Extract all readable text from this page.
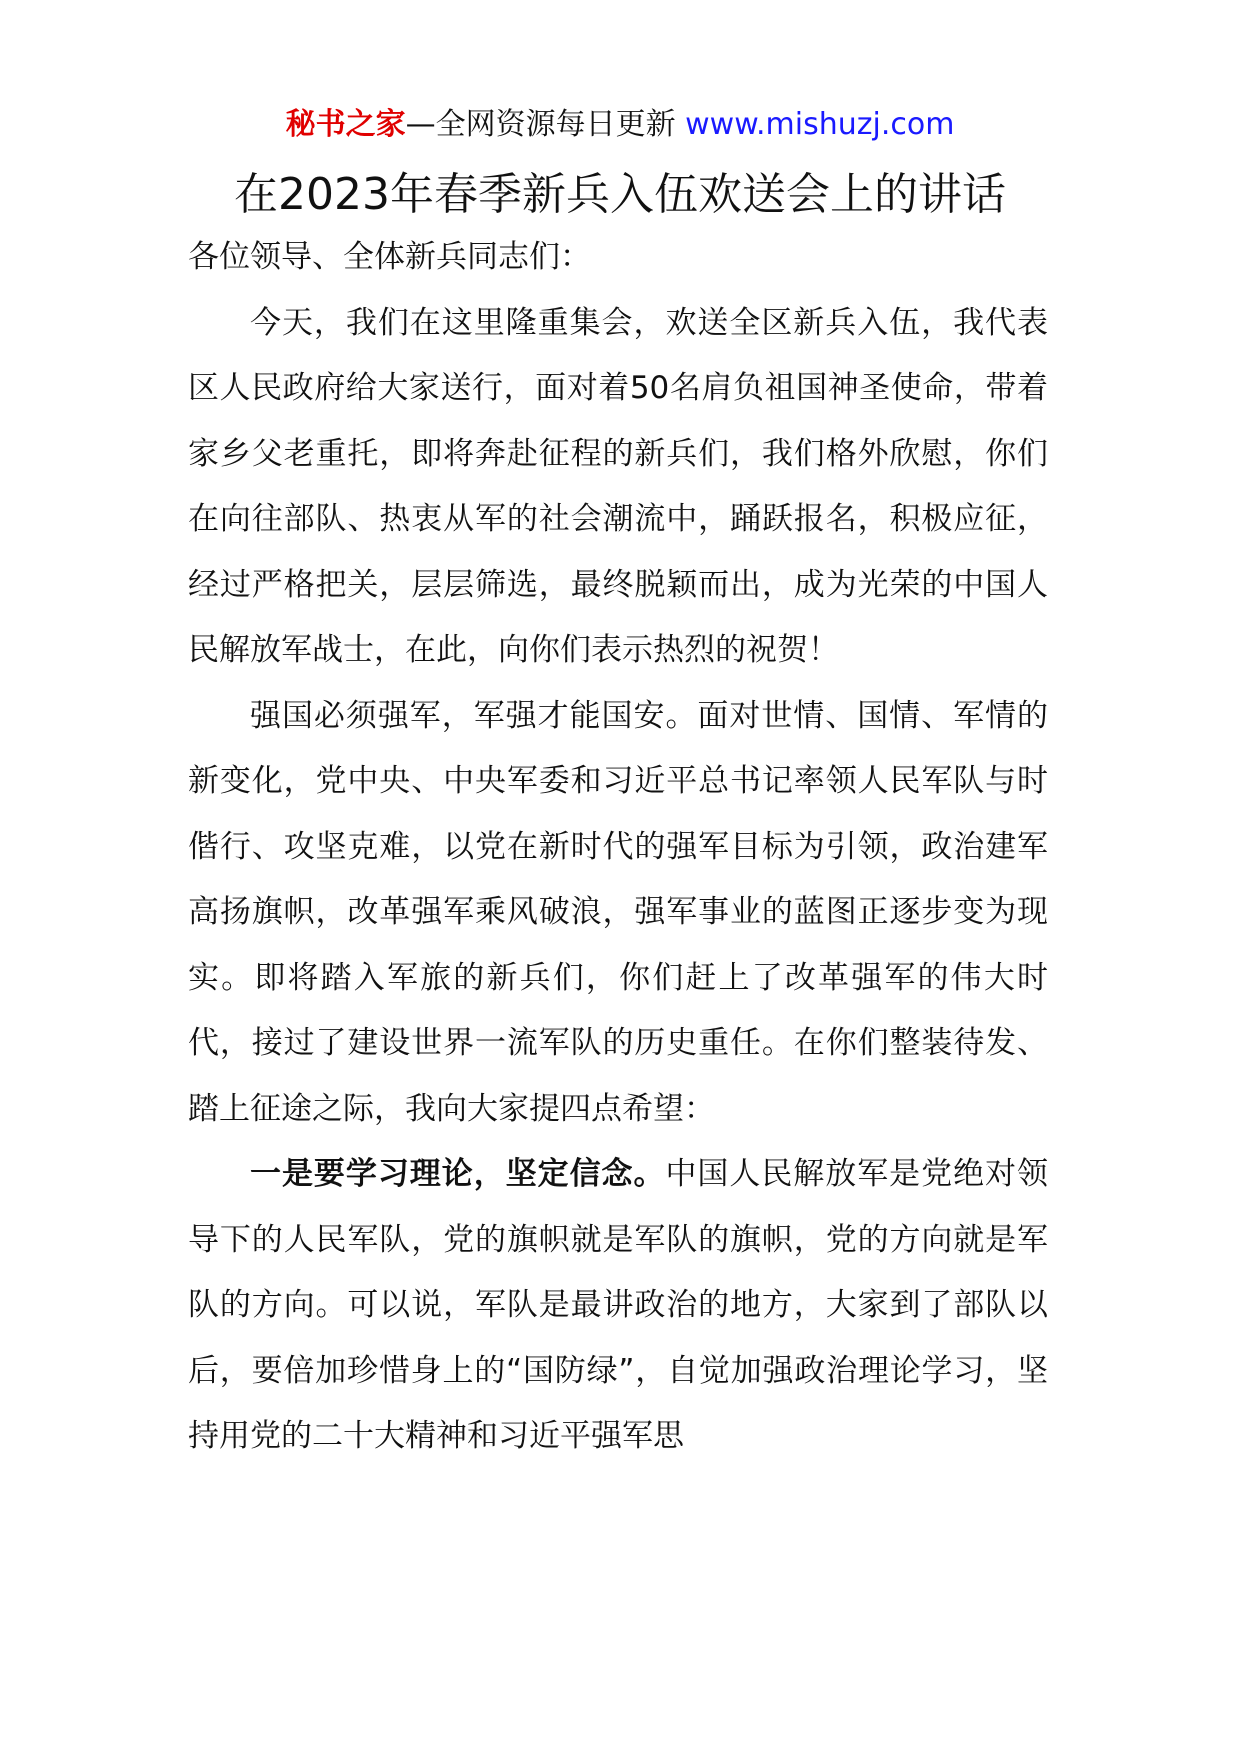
秘书之家—全网资源每日更新 www.mishuzj.com
在2023年春季新兵入伍欢送会上的讲话

各位领导、全体新兵同志们：

今天，我们在这里隆重集会，欢送全区新兵入伍，我代表区人民政府给大家送行，面对着50名肩负祖国神圣使命，带着家乡父老重托，即将奔赴征程的新兵们，我们格外欣慰，你们在向往部队、热衷从军的社会潮流中，踊跃报名，积极应征，经过严格把关，层层筛选，最终脱颖而出，成为光荣的中国人民解放军战士，在此，向你们表示热烈的祝贺！

强国必须强军，军强才能国安。面对世情、国情、军情的新变化，党中央、中央军委和习近平总书记率领人民军队与时偕行、攻坚克难，以党在新时代的强军目标为引领，政治建军高扬旗帜，改革强军乘风破浪，强军事业的蓝图正逐步变为现实。即将踏入军旅的新兵们，你们赶上了改革强军的伟大时代，接过了建设世界一流军队的历史重任。在你们整装待发、踏上征途之际，我向大家提四点希望：

一是要学习理论，坚定信念。中国人民解放军是党绝对领导下的人民军队，党的旗帜就是军队的旗帜，党的方向就是军队的方向。可以说，军队是最讲政治的地方，大家到了部队以后，要倍加珍惜身上的“国防绿”，自觉加强政治理论学习，坚持用党的二十大精神和习近平强军思
